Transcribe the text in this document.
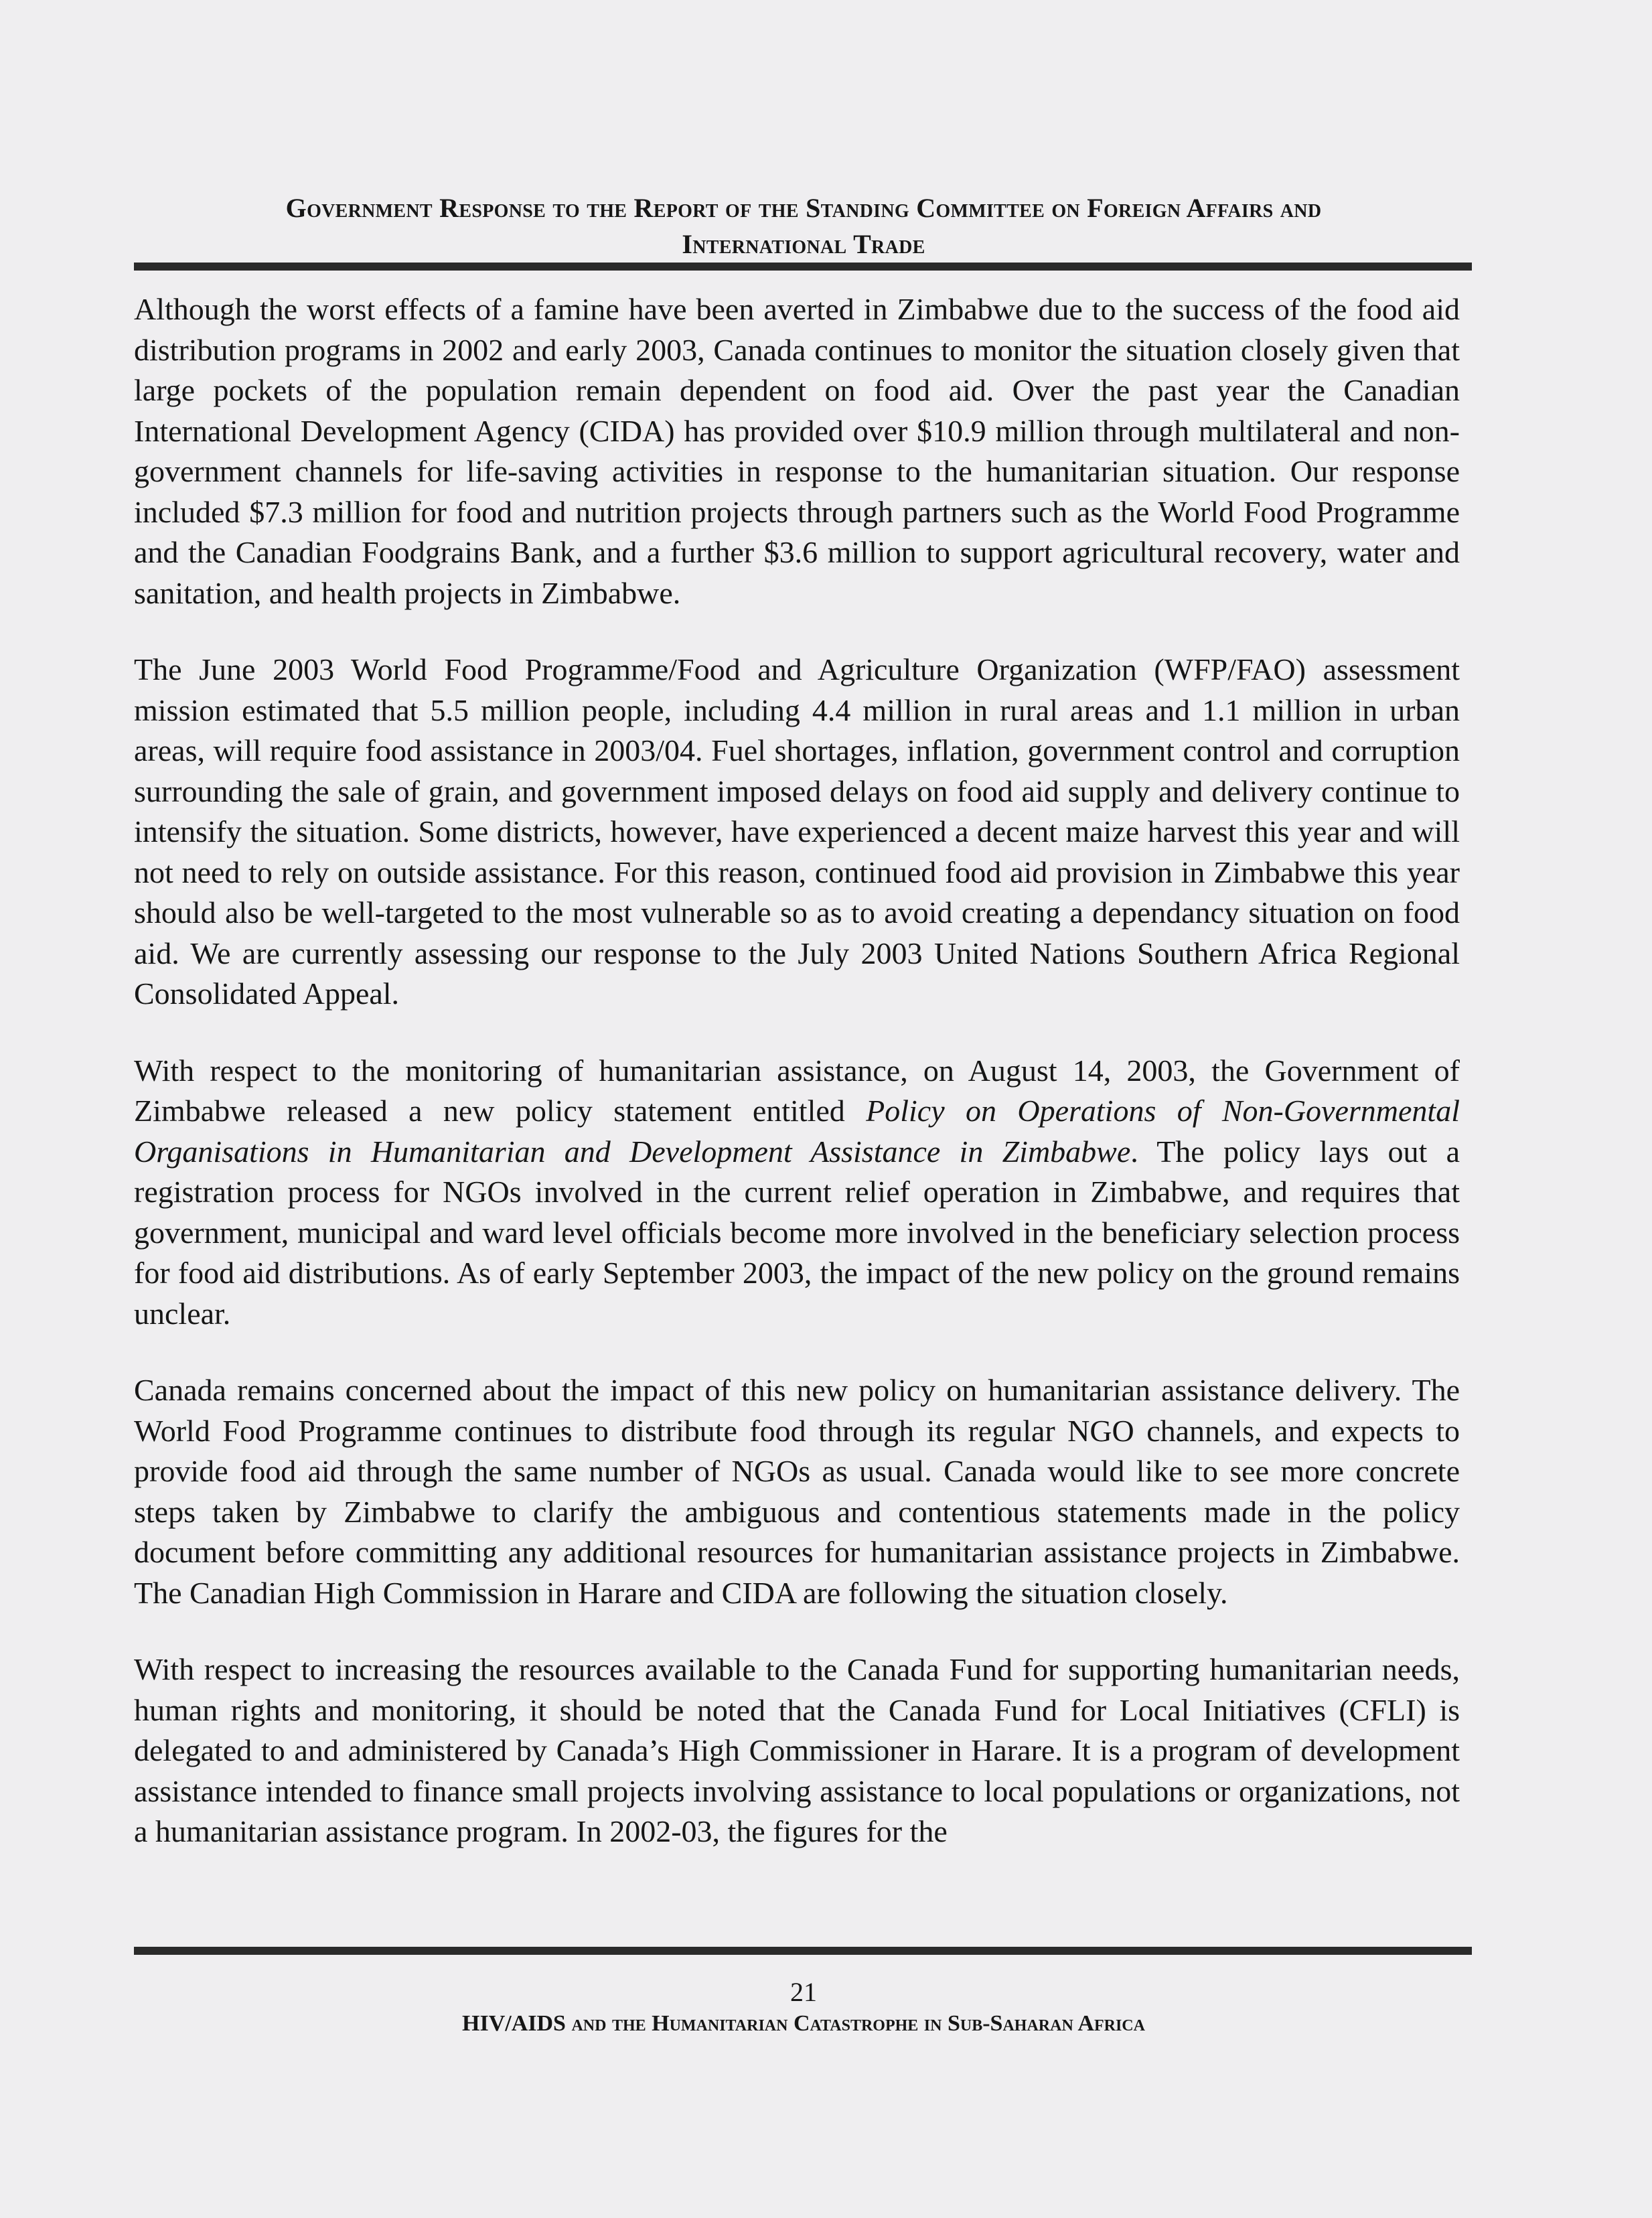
Government Response to the Report of the Standing Committee on Foreign Affairs and
International Trade

Although the worst effects of a famine have been averted in Zimbabwe due to the success of the food aid distribution programs in 2002 and early 2003, Canada continues to monitor the situation closely given that large pockets of the population remain dependent on food aid. Over the past year the Canadian International Development Agency (CIDA) has provided over $10.9 million through multilateral and non-government channels for life-saving activities in response to the humanitarian situation. Our response included $7.3 million for food and nutrition projects through partners such as the World Food Programme and the Canadian Foodgrains Bank, and a further $3.6 million to support agricultural recovery, water and sanitation, and health projects in Zimbabwe.

The June 2003 World Food Programme/Food and Agriculture Organization (WFP/FAO) assessment mission estimated that 5.5 million people, including 4.4 million in rural areas and 1.1 million in urban areas, will require food assistance in 2003/04. Fuel shortages, inflation, government control and corruption surrounding the sale of grain, and government imposed delays on food aid supply and delivery continue to intensify the situation. Some districts, however, have experienced a decent maize harvest this year and will not need to rely on outside assistance. For this reason, continued food aid provision in Zimbabwe this year should also be well-targeted to the most vulnerable so as to avoid creating a dependancy situation on food aid. We are currently assessing our response to the July 2003 United Nations Southern Africa Regional Consolidated Appeal.

With respect to the monitoring of humanitarian assistance, on August 14, 2003, the Government of Zimbabwe released a new policy statement entitled Policy on Operations of Non-Governmental Organisations in Humanitarian and Development Assistance in Zimbabwe. The policy lays out a registration process for NGOs involved in the current relief operation in Zimbabwe, and requires that government, municipal and ward level officials become more involved in the beneficiary selection process for food aid distributions. As of early September 2003, the impact of the new policy on the ground remains unclear.

Canada remains concerned about the impact of this new policy on humanitarian assistance delivery. The World Food Programme continues to distribute food through its regular NGO channels, and expects to provide food aid through the same number of NGOs as usual. Canada would like to see more concrete steps taken by Zimbabwe to clarify the ambiguous and contentious statements made in the policy document before committing any additional resources for humanitarian assistance projects in Zimbabwe. The Canadian High Commission in Harare and CIDA are following the situation closely.

With respect to increasing the resources available to the Canada Fund for supporting humanitarian needs, human rights and monitoring, it should be noted that the Canada Fund for Local Initiatives (CFLI) is delegated to and administered by Canada’s High Commissioner in Harare. It is a program of development assistance intended to finance small projects involving assistance to local populations or organizations, not a humanitarian assistance program. In 2002-03, the figures for the

21
HIV/AIDS and the Humanitarian Catastrophe in Sub-Saharan Africa
